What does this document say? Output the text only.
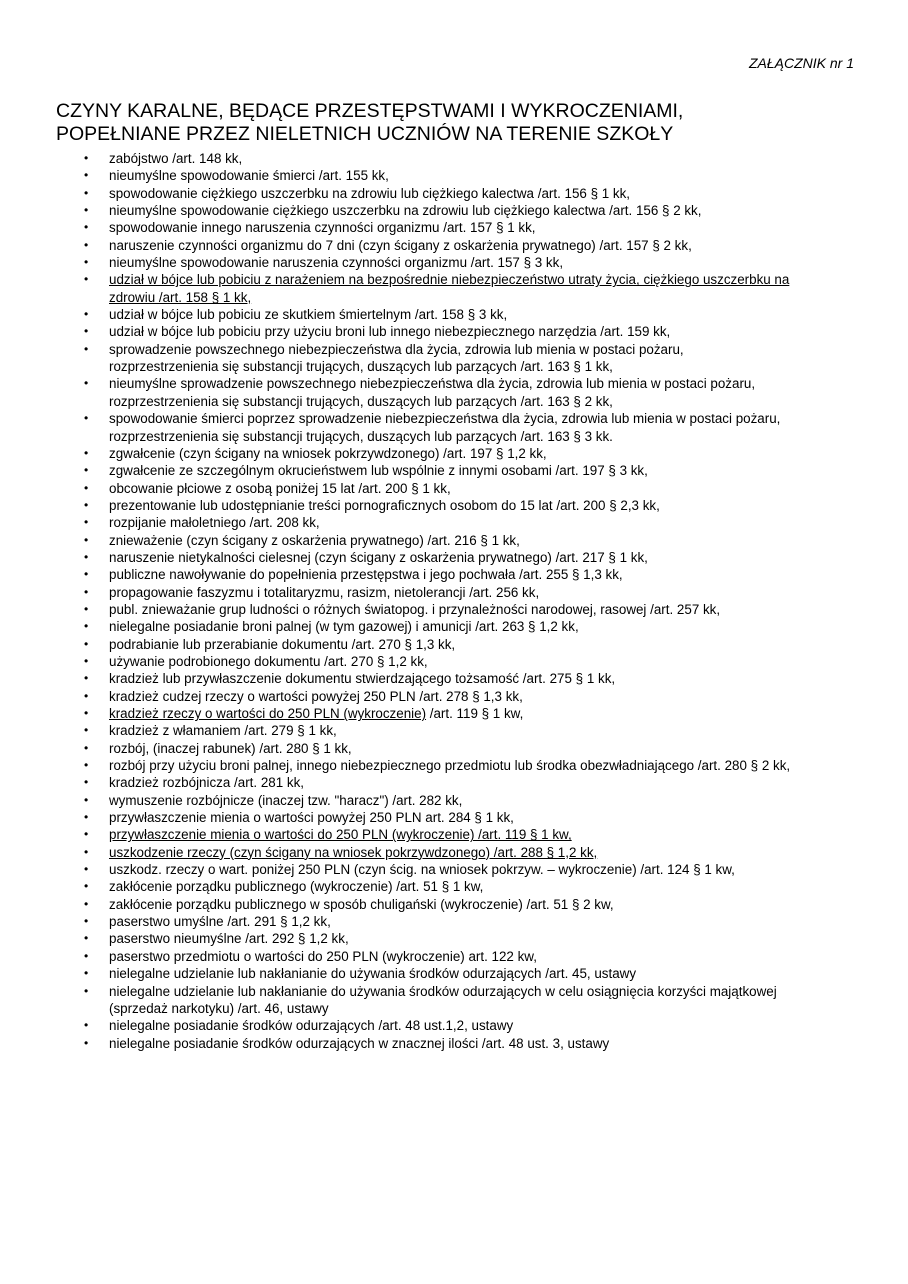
ZAŁĄCZNIK nr 1
CZYNY KARALNE, BĘDĄCE PRZESTĘPSTWAMI I WYKROCZENIAMI,
POPEŁNIANE PRZEZ NIELETNICH UCZNIÓW NA TERENIE SZKOŁY
• zabójstwo /art. 148 kk,
• nieumyślne spowodowanie śmierci /art. 155 kk,
• spowodowanie ciężkiego uszczerbku na zdrowiu lub ciężkiego kalectwa /art. 156 § 1 kk,
• nieumyślne spowodowanie ciężkiego uszczerbku na zdrowiu lub ciężkiego kalectwa /art. 156 § 2 kk,
• spowodowanie innego naruszenia czynności organizmu /art. 157 § 1 kk,
• naruszenie czynności organizmu do 7 dni (czyn ścigany z oskarżenia prywatnego) /art. 157 § 2 kk,
• nieumyślne spowodowanie naruszenia czynności organizmu /art. 157 § 3 kk,
• udział w bójce lub pobiciu z narażeniem na bezpośrednie niebezpieczeństwo utraty życia, ciężkiego uszczerbku na
zdrowiu /art. 158 § 1 kk,
• udział w bójce lub pobiciu ze skutkiem śmiertelnym /art. 158 § 3 kk,
• udział w bójce lub pobiciu przy użyciu broni lub innego niebezpiecznego narzędzia /art. 159 kk,
• sprowadzenie powszechnego niebezpieczeństwa dla życia, zdrowia lub mienia w postaci pożaru,
rozprzestrzenienia się substancji trujących, duszących lub parzących /art. 163 § 1 kk,
• nieumyślne sprowadzenie powszechnego niebezpieczeństwa dla życia, zdrowia lub mienia w postaci pożaru,
rozprzestrzenienia się substancji trujących, duszących lub parzących /art. 163 § 2 kk,
• spowodowanie śmierci poprzez sprowadzenie niebezpieczeństwa dla życia, zdrowia lub mienia w postaci pożaru,
rozprzestrzenienia się substancji trujących, duszących lub parzących /art. 163 § 3 kk.
• zgwałcenie (czyn ścigany na wniosek pokrzywdzonego) /art. 197 § 1,2 kk,
• zgwałcenie ze szczególnym okrucieństwem lub wspólnie z innymi osobami /art. 197 § 3 kk,
• obcowanie płciowe z osobą poniżej 15 lat /art. 200 § 1 kk,
• prezentowanie lub udostępnianie treści pornograficznych osobom do 15 lat /art. 200 § 2,3 kk,
• rozpijanie małoletniego /art. 208 kk,
• znieważenie (czyn ścigany z oskarżenia prywatnego) /art. 216 § 1 kk,
• naruszenie nietykalności cielesnej (czyn ścigany z oskarżenia prywatnego) /art. 217 § 1 kk,
• publiczne nawoływanie do popełnienia przestępstwa i jego pochwała /art. 255 § 1,3 kk,
• propagowanie faszyzmu i totalitaryzmu, rasizm, nietolerancji /art. 256 kk,
• publ. znieważanie grup ludności o różnych światopog. i przynależności narodowej, rasowej /art. 257 kk,
• nielegalne posiadanie broni palnej (w tym gazowej) i amunicji /art. 263 § 1,2 kk,
• podrabianie lub przerabianie dokumentu /art. 270 § 1,3 kk,
• używanie podrobionego dokumentu /art. 270 § 1,2 kk,
• kradzież lub przywłaszczenie dokumentu stwierdzającego tożsamość /art. 275 § 1 kk,
• kradzież cudzej rzeczy o wartości powyżej 250 PLN /art. 278 § 1,3 kk,
• kradzież rzeczy o wartości do 250 PLN (wykroczenie) /art. 119 § 1 kw,
• kradzież z włamaniem /art. 279 § 1 kk,
• rozbój, (inaczej rabunek) /art. 280 § 1 kk,
• rozbój przy użyciu broni palnej, innego niebezpiecznego przedmiotu lub środka obezwładniającego /art. 280 § 2 kk,
• kradzież rozbójnicza /art. 281 kk,
• wymuszenie rozbójnicze (inaczej tzw. "haracz") /art. 282 kk,
• przywłaszczenie mienia o wartości powyżej 250 PLN art. 284 § 1 kk,
• przywłaszczenie mienia o wartości do 250 PLN (wykroczenie) /art. 119 § 1 kw,
• uszkodzenie rzeczy (czyn ścigany na wniosek pokrzywdzonego) /art. 288 § 1,2 kk,
• uszkodz. rzeczy o wart. poniżej 250 PLN (czyn ścig. na wniosek pokrzyw. – wykroczenie) /art. 124 § 1 kw,
• zakłócenie porządku publicznego (wykroczenie) /art. 51 § 1 kw,
• zakłócenie porządku publicznego w sposób chuligański (wykroczenie) /art. 51 § 2 kw,
• paserstwo umyślne /art. 291 § 1,2 kk,
• paserstwo nieumyślne /art. 292 § 1,2 kk,
• paserstwo przedmiotu o wartości do 250 PLN (wykroczenie) art. 122 kw,
• nielegalne udzielanie lub nakłanianie do używania środków odurzających /art. 45, ustawy
• nielegalne udzielanie lub nakłanianie do używania środków odurzających w celu osiągnięcia korzyści majątkowej
(sprzedaż narkotyku) /art. 46, ustawy
• nielegalne posiadanie środków odurzających /art. 48 ust.1,2, ustawy
• nielegalne posiadanie środków odurzających w znacznej ilości /art. 48 ust. 3, ustawy
